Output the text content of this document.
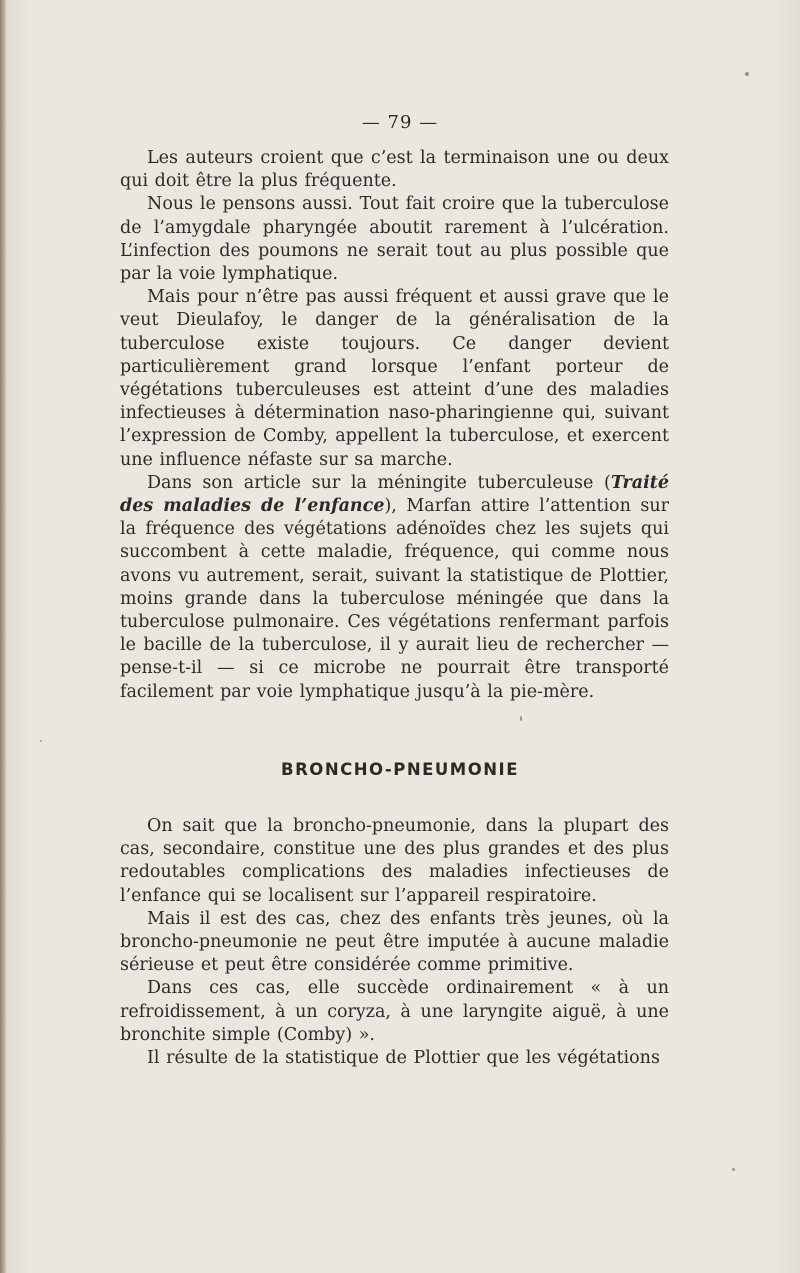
— 79 —

Les auteurs croient que c’est la terminaison une ou deux qui doit être la plus fréquente.

Nous le pensons aussi. Tout fait croire que la tuberculose de l’amygdale pharyngée aboutit rarement à l’ulcération. L’infection des poumons ne serait tout au plus possible que par la voie lymphatique.

Mais pour n’être pas aussi fréquent et aussi grave que le veut Dieulafoy, le danger de la généralisation de la tuberculose existe toujours. Ce danger devient particulièrement grand lorsque l’enfant porteur de végétations tuberculeuses est atteint d’une des maladies infectieuses à détermination naso-pharingienne qui, suivant l’expression de Comby, appellent la tuberculose, et exercent une influence néfaste sur sa marche.

Dans son article sur la méningite tuberculeuse (Traité des maladies de l’enfance), Marfan attire l’attention sur la fréquence des végétations adénoïdes chez les sujets qui succombent à cette maladie, fréquence, qui comme nous avons vu autrement, serait, suivant la statistique de Plottier, moins grande dans la tuberculose méningée que dans la tuberculose pulmonaire. Ces végétations renfermant parfois le bacille de la tuberculose, il y aurait lieu de rechercher — pense-t-il — si ce microbe ne pourrait être transporté facilement par voie lymphatique jusqu’à la pie-mère.

BRONCHO-PNEUMONIE

On sait que la broncho-pneumonie, dans la plupart des cas, secondaire, constitue une des plus grandes et des plus redoutables complications des maladies infectieuses de l’enfance qui se localisent sur l’appareil respiratoire.

Mais il est des cas, chez des enfants très jeunes, où la broncho-pneumonie ne peut être imputée à aucune maladie sérieuse et peut être considérée comme primitive.

Dans ces cas, elle succède ordinairement « à un refroidissement, à un coryza, à une laryngite aiguë, à une bronchite simple (Comby) ».

Il résulte de la statistique de Plottier que les végétations
